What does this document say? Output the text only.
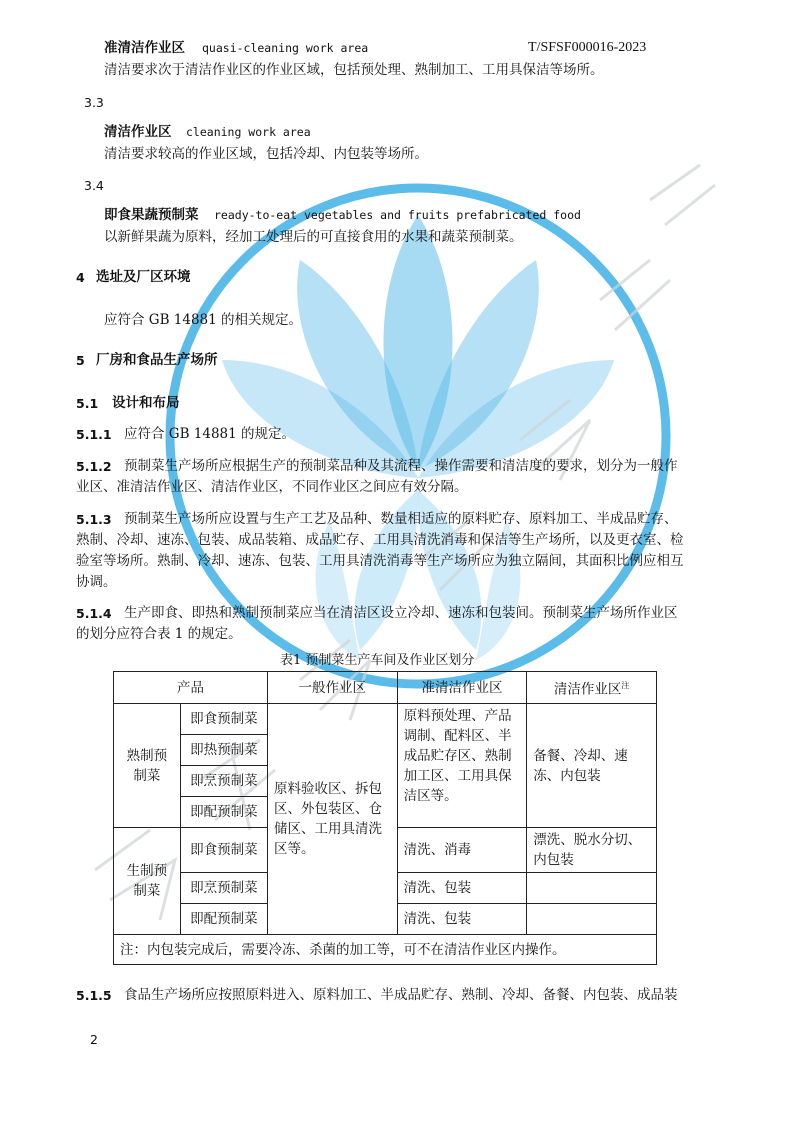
准清洁作业区 quasi-cleaning work area	T/SFSF000016-2023
清洁要求次于清洁作业区的作业区域，包括预处理、熟制加工、工用具保洁等场所。
3.3
清洁作业区 cleaning work area
清洁要求较高的作业区域，包括冷却、内包装等场所。
3.4
即食果蔬预制菜 ready-to-eat vegetables and fruits prefabricated food
以新鲜果蔬为原料，经加工处理后的可直接食用的水果和蔬菜预制菜。
4 选址及厂区环境
应符合 GB 14881 的相关规定。
5 厂房和食品生产场所
5.1 设计和布局
5.1.1 应符合 GB 14881 的规定。
5.1.2 预制菜生产场所应根据生产的预制菜品种及其流程、操作需要和清洁度的要求，划分为一般作
业区、准清洁作业区、清洁作业区，不同作业区之间应有效分隔。
5.1.3 预制菜生产场所应设置与生产工艺及品种、数量相适应的原料贮存、原料加工、半成品贮存、
熟制、冷却、速冻、包装、成品装箱、成品贮存、工用具清洗消毒和保洁等生产场所，以及更衣室、检
验室等场所。熟制、冷却、速冻、包装、工用具清洗消毒等生产场所应为独立隔间，其面积比例应相互
协调。
5.1.4 生产即食、即热和熟制预制菜应当在清洁区设立冷却、速冻和包装间。预制菜生产场所作业区
的划分应符合表 1 的规定。
表1 预制菜生产车间及作业区划分
产品		一般作业区	准清洁作业区	清洁作业区$^注$
熟制预制菜	即食预制菜	原料验收区、拆包区、外包装区、仓储区、工用具清洗区等。	原料预处理、产品调制、配料区、半成品贮存区、熟制加工区、工用具保洁区等。	备餐、冷却、速冻、内包装
	即热预制菜			
	即烹预制菜			
	即配预制菜			
生制预制菜	即食预制菜		清洗、消毒	漂洗、脱水分切、内包装
	即烹预制菜		清洗、包装	
	即配预制菜		清洗、包装	
注：内包装完成后，需要冷冻、杀菌的加工等，可不在清洁作业区内操作。				
5.1.5 食品生产场所应按照原料进入、原料加工、半成品贮存、熟制、冷却、备餐、内包装、成品装
2
